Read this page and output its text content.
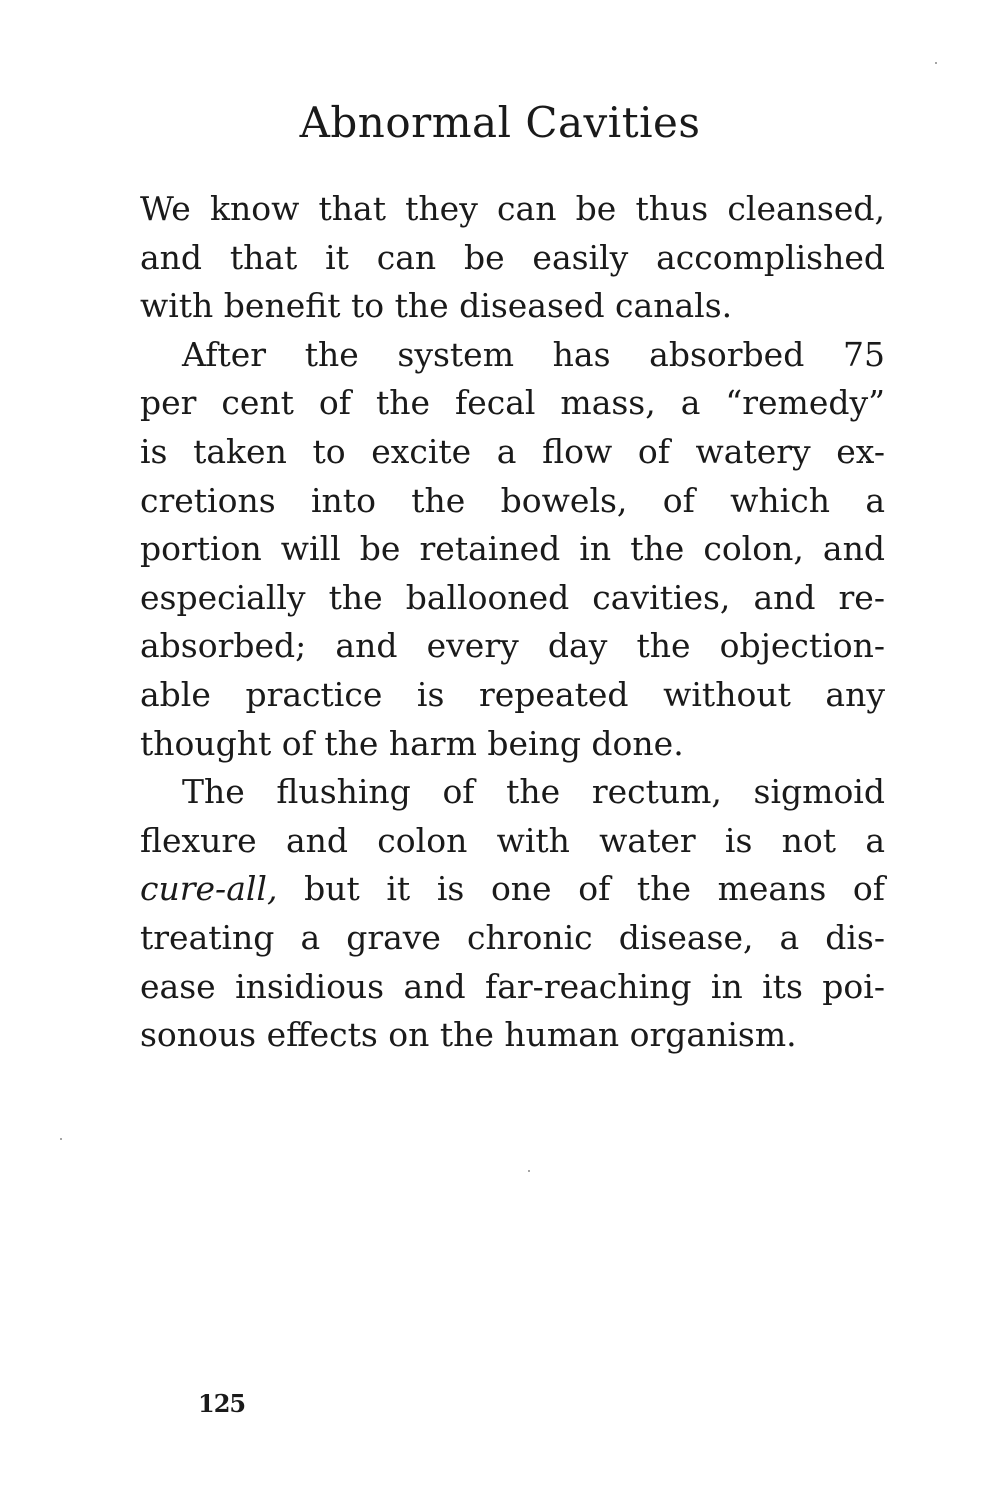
Abnormal Cavities
We know that they can be thus cleansed,
and that it can be easily accomplished
with benefit to the diseased canals.
After the system has absorbed 75
per cent of the fecal mass, a “remedy”
is taken to excite a flow of watery ex-
cretions into the bowels, of which a
portion will be retained in the colon, and
especially the ballooned cavities, and re-
absorbed; and every day the objection-
able practice is repeated without any
thought of the harm being done.
The flushing of the rectum, sigmoid
flexure and colon with water is not a
cure-all, but it is one of the means of
treating a grave chronic disease, a dis-
ease insidious and far-reaching in its poi-
sonous effects on the human organism.
125
